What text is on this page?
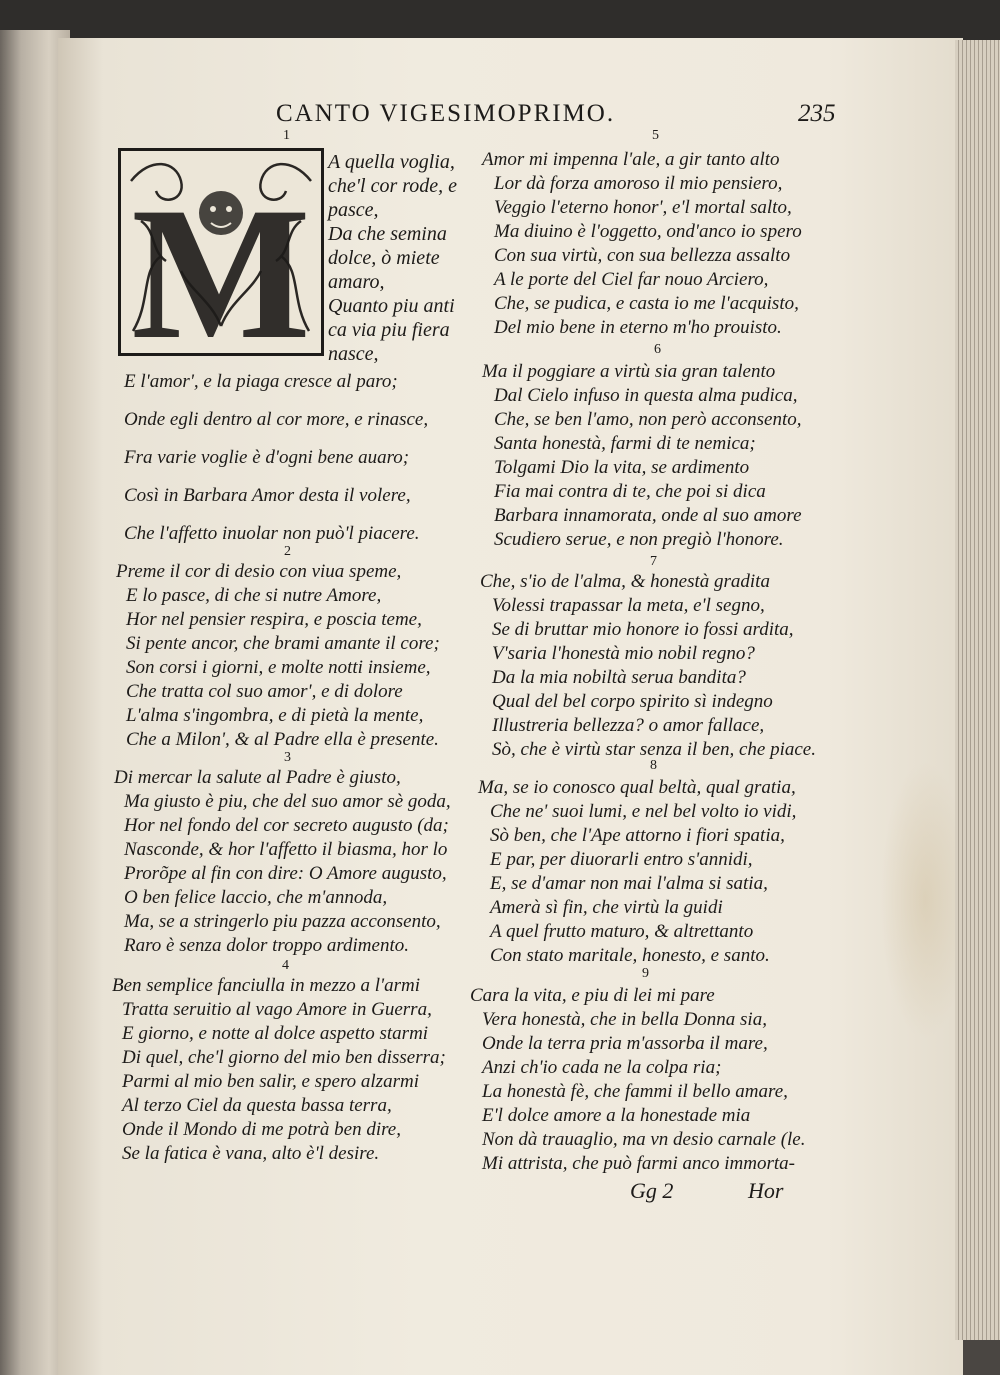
CANTO VIGESIMOPRIMO.	235
M
1
A quella voglia,
che'l cor rode, e
pasce,
Da che semina
dolce, ò miete
amaro,
Quanto piu anti
ca via piu fiera
nasce,
E l'amor', e la piaga cresce al paro;
Onde egli dentro al cor more, e rinasce,
Fra varie voglie è d'ogni bene auaro;
Così in Barbara Amor desta il volere,
Che l'affetto inuolar non può'l piacere.
2
Preme il cor di desio con viua speme,
E lo pasce, di che si nutre Amore,
Hor nel pensier respira, e poscia teme,
Si pente ancor, che brami amante il core;
Son corsi i giorni, e molte notti insieme,
Che tratta col suo amor', e di dolore
L'alma s'ingombra, e di pietà la mente,
Che a Milon', & al Padre ella è presente.
3
Di mercar la salute al Padre è giusto,
Ma giusto è piu, che del suo amor sè goda,
Hor nel fondo del cor secreto augusto (da;
Nasconde, & hor l'affetto il biasma, hor lo
Prorõpe al fin con dire: O Amore augusto,
O ben felice laccio, che m'annoda,
Ma, se a stringerlo piu pazza acconsento,
Raro è senza dolor troppo ardimento.
4
Ben semplice fanciulla in mezzo a l'armi
Tratta seruitio al vago Amore in Guerra,
E giorno, e notte al dolce aspetto starmi
Di quel, che'l giorno del mio ben disserra;
Parmi al mio ben salir, e spero alzarmi
Al terzo Ciel da questa bassa terra,
Onde il Mondo di me potrà ben dire,
Se la fatica è vana, alto è'l desire.
5
Amor mi impenna l'ale, a gir tanto alto
Lor dà forza amoroso il mio pensiero,
Veggio l'eterno honor', e'l mortal salto,
Ma diuino è l'oggetto, ond'anco io spero
Con sua virtù, con sua bellezza assalto
A le porte del Ciel far nouo Arciero,
Che, se pudica, e casta io me l'acquisto,
Del mio bene in eterno m'ho prouisto.
6
Ma il poggiare a virtù sia gran talento
Dal Cielo infuso in questa alma pudica,
Che, se ben l'amo, non però acconsento,
Santa honestà, farmi di te nemica;
Tolgami Dio la vita, se ardimento
Fia mai contra di te, che poi si dica
Barbara innamorata, onde al suo amore
Scudiero serue, e non pregiò l'honore.
7
Che, s'io de l'alma, & honestà gradita
Volessi trapassar la meta, e'l segno,
Se di bruttar mio honore io fossi ardita,
V'saria l'honestà mio nobil regno?
Da la mia nobiltà serua bandita?
Qual del bel corpo spirito sì indegno
Illustreria bellezza? o amor fallace,
Sò, che è virtù star senza il ben, che piace.
8
Ma, se io conosco qual beltà, qual gratia,
Che ne' suoi lumi, e nel bel volto io vidi,
Sò ben, che l'Ape attorno i fiori spatia,
E par, per diuorarli entro s'annidi,
E, se d'amar non mai l'alma si satia,
Amerà sì fin, che virtù la guidi
A quel frutto maturo, & altrettanto
Con stato maritale, honesto, e santo.
9
Cara la vita, e piu di lei mi pare
Vera honestà, che in bella Donna sia,
Onde la terra pria m'assorba il mare,
Anzi ch'io cada ne la colpa ria;
La honestà fè, che fammi il bello amare,
E'l dolce amore a la honestade mia
Non dà trauaglio, ma vn desio carnale (le.
Mi attrista, che può farmi anco immorta-
Gg 2	Hor
